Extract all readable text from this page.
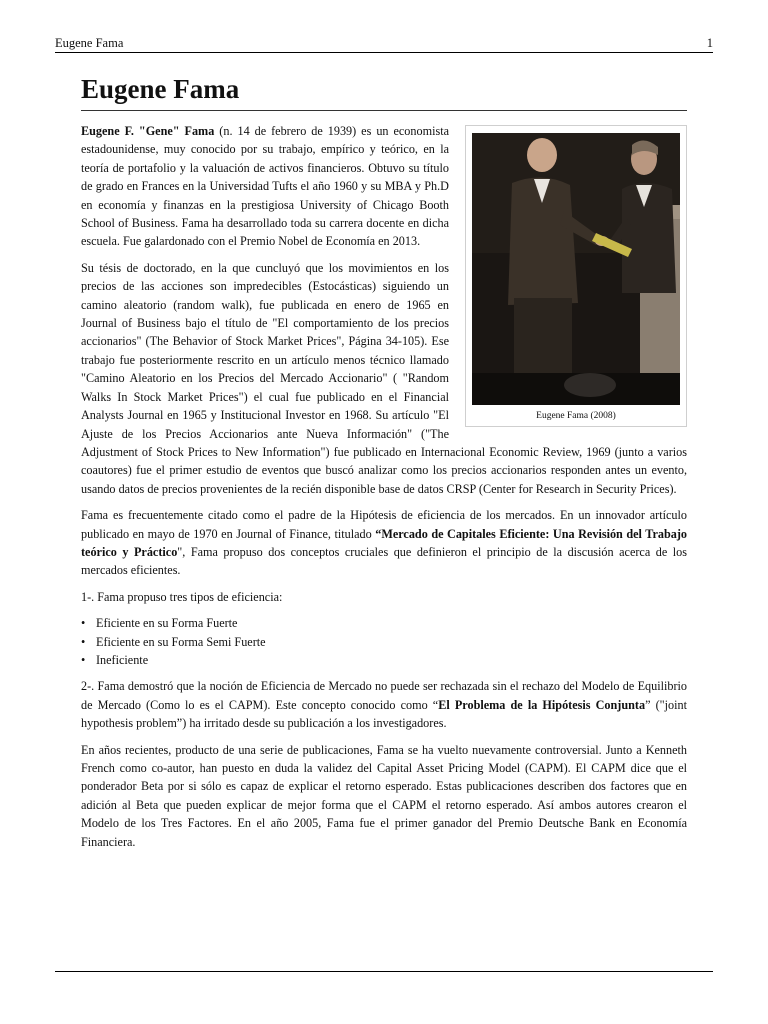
Eugene Fama	1
Eugene Fama
Eugene Fama (2008)

Eugene F. "Gene" Fama (n. 14 de febrero de 1939) es un economista estadounidense, muy conocido por su trabajo, empírico y teórico, en la teoría de portafolio y la valuación de activos financieros. Obtuvo su título de grado en Frances en la Universidad Tufts el año 1960 y su MBA y Ph.D en economía y finanzas en la prestigiosa University of Chicago Booth School of Business. Fama ha desarrollado toda su carrera docente en dicha escuela. Fue galardonado con el Premio Nobel de Economía en 2013.

Su tésis de doctorado, en la que cuncluyó que los movimientos en los precios de las acciones son impredecibles (Estocásticas) siguiendo un camino aleatorio (random walk), fue publicada en enero de 1965 en Journal of Business bajo el título de "El comportamiento de los precios accionarios" (The Behavior of Stock Market Prices", Página 34-105). Ese trabajo fue posteriormente rescrito en un artículo menos técnico llamado "Camino Aleatorio en los Precios del Mercado Accionario" ( "Random Walks In Stock Market Prices") el cual fue publicado en el Financial Analysts Journal en 1965 y Institucional Investor en 1968. Su artículo "El Ajuste de los Precios Accionarios ante Nueva Información" ("The Adjustment of Stock Prices to New Information") fue publicado en Internacional Economic Review, 1969 (junto a varios coautores) fue el primer estudio de eventos que buscó analizar como los precios accionarios responden antes un evento, usando datos de precios provenientes de la recién disponible base de datos CRSP (Center for Research in Security Prices).

Fama es frecuentemente citado como el padre de la Hipótesis de eficiencia de los mercados. En un innovador artículo publicado en mayo de 1970 en Journal of Finance, titulado “Mercado de Capitales Eficiente: Una Revisión del Trabajo teórico y Práctico", Fama propuso dos conceptos cruciales que definieron el principio de la discusión acerca de los mercados eficientes.

1-. Fama propuso tres tipos de eficiencia:

• Eficiente en su Forma Fuerte
• Eficiente en su Forma Semi Fuerte
• Ineficiente

2-. Fama demostró que la noción de Eficiencia de Mercado no puede ser rechazada sin el rechazo del Modelo de Equilibrio de Mercado (Como lo es el CAPM). Este concepto conocido como “El Problema de la Hipótesis Conjunta” ("joint hypothesis problem”) ha irritado desde su publicación a los investigadores.

En años recientes, producto de una serie de publicaciones, Fama se ha vuelto nuevamente controversial. Junto a Kenneth French como co-autor, han puesto en duda la validez del Capital Asset Pricing Model (CAPM). El CAPM dice que el ponderador Beta por si sólo es capaz de explicar el retorno esperado. Estas publicaciones describen dos factores que en adición al Beta que pueden explicar de mejor forma que el CAPM el retorno esperado. Así ambos autores crearon el Modelo de los Tres Factores. En el año 2005, Fama fue el primer ganador del Premio Deutsche Bank en Economía Financiera.
